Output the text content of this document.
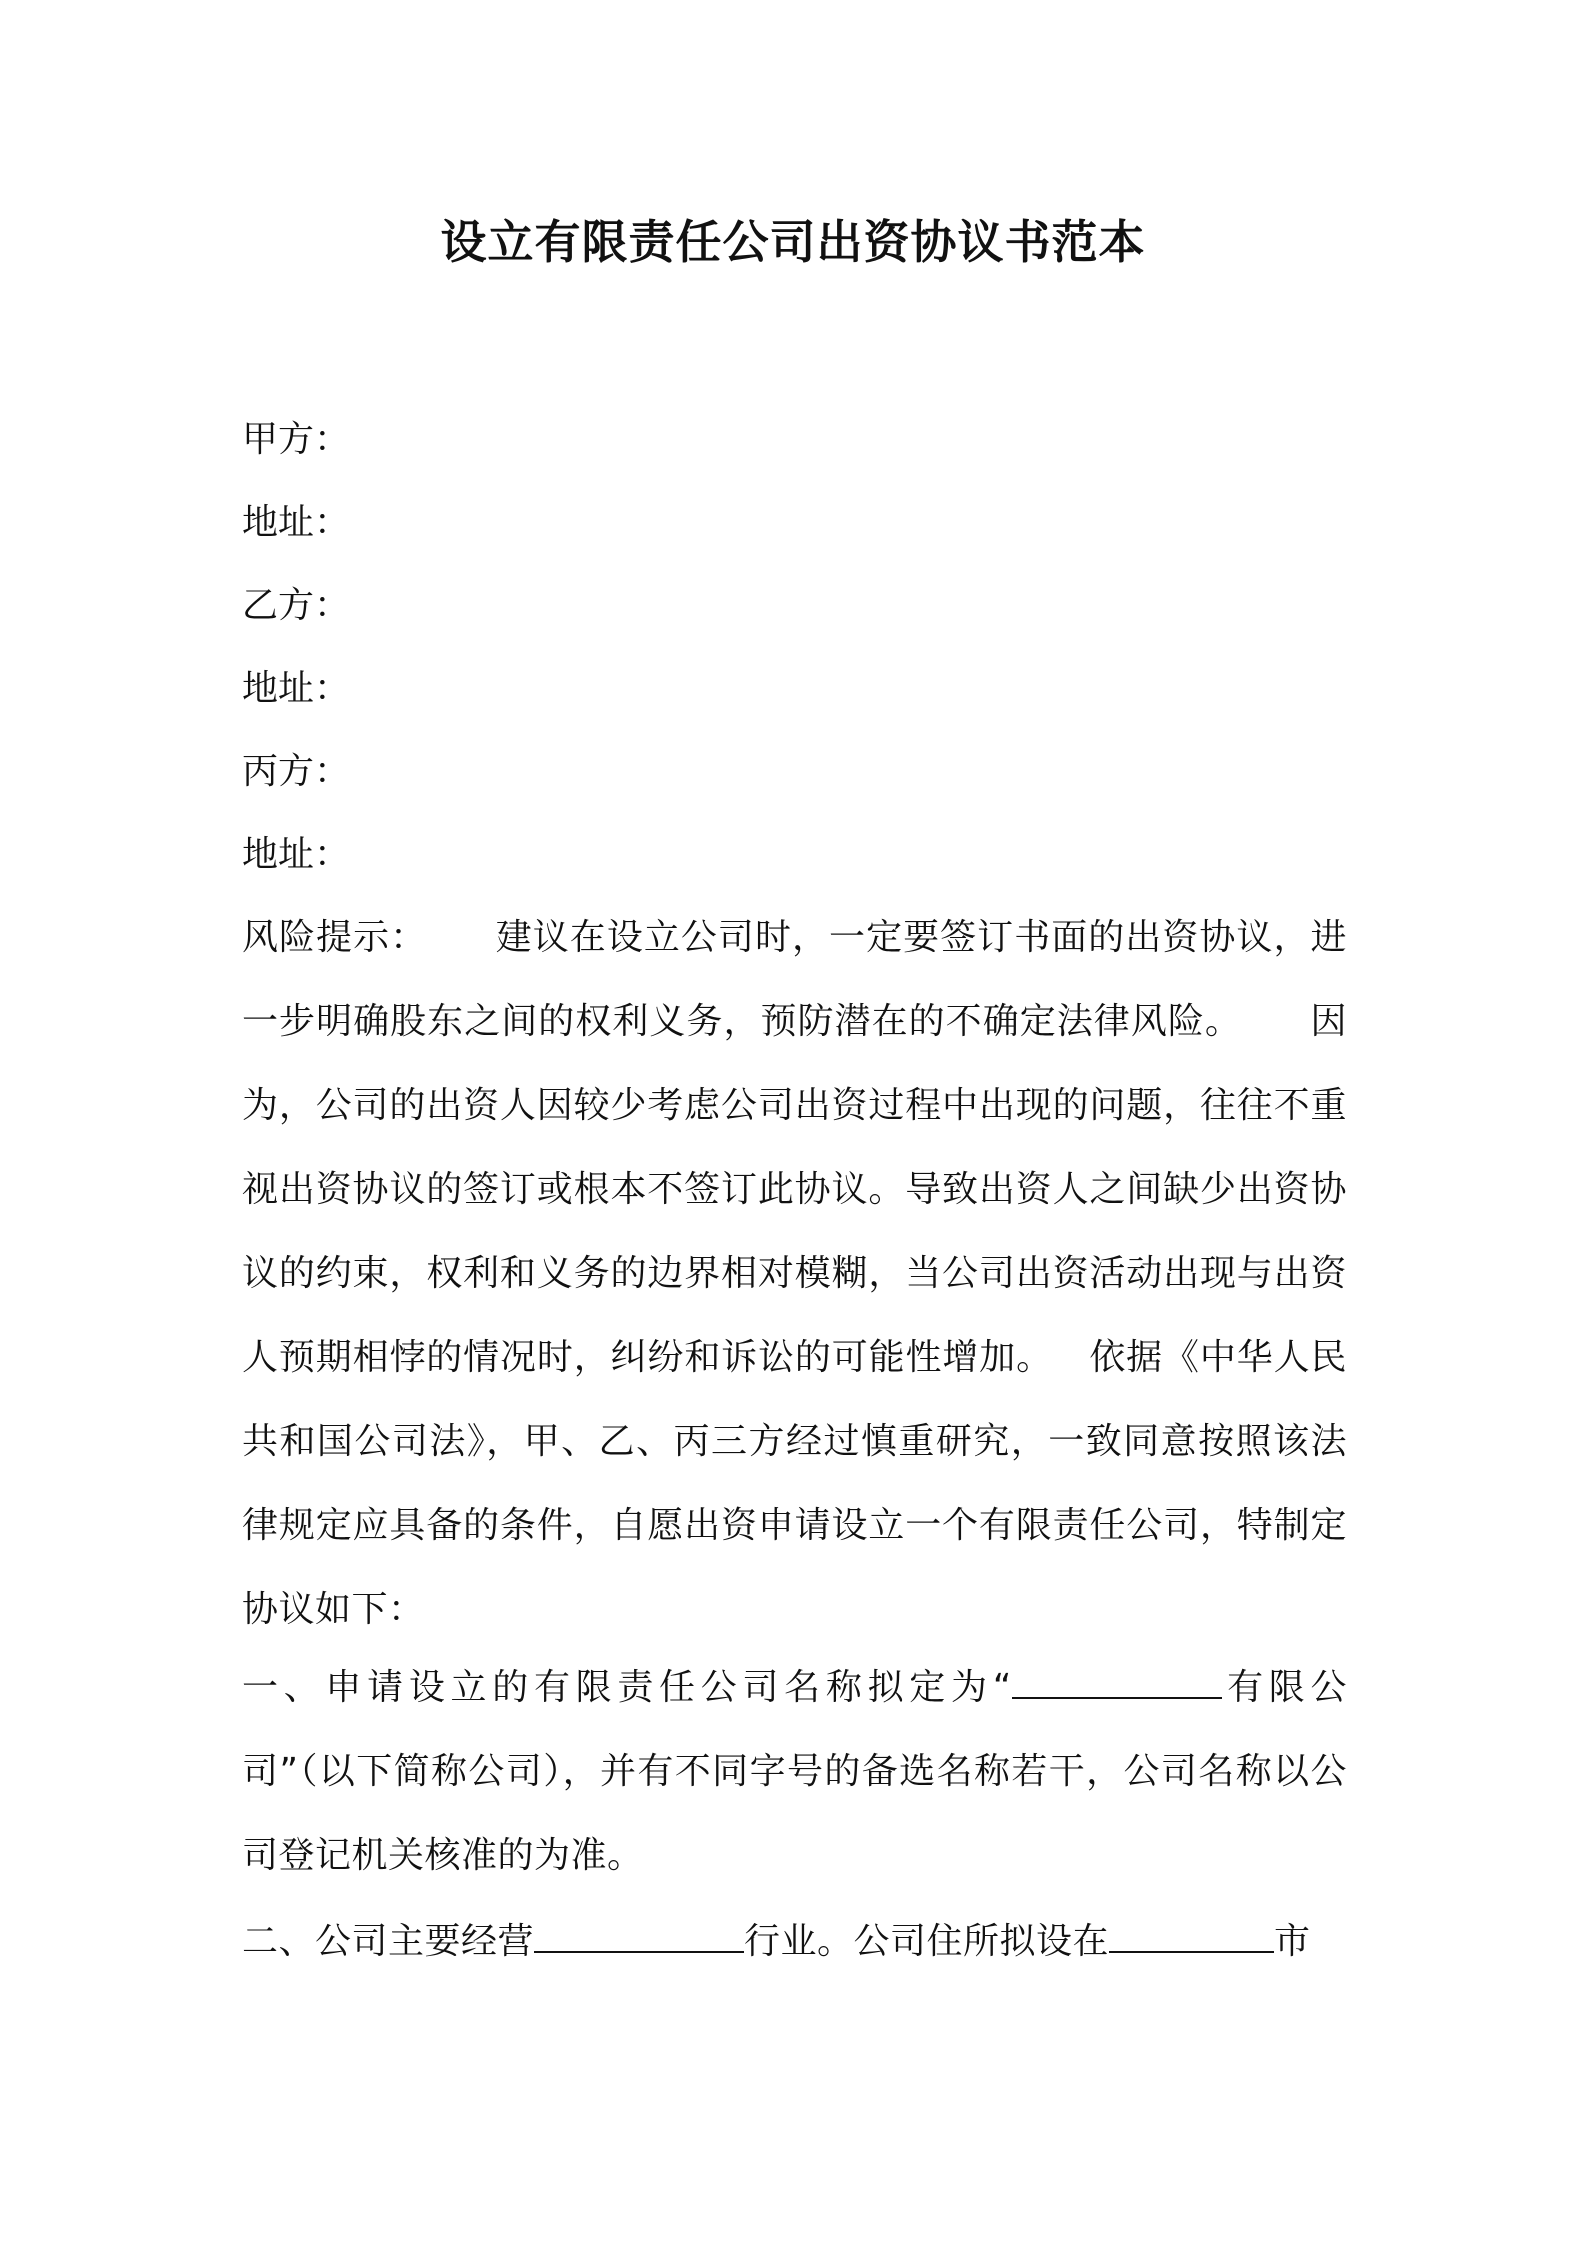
设立有限责任公司出资协议书范本
甲方：
地址：
乙方：
地址：
丙方：
地址：
风险提示： 建议在设立公司时，一定要签订书面的出资协议，进一步明确股东之间的权利义务，预防潜在的不确定法律风险。 因为，公司的出资人因较少考虑公司出资过程中出现的问题，往往不重视出资协议的签订或根本不签订此协议。导致出资人之间缺少出资协议的约束，权利和义务的边界相对模糊，当公司出资活动出现与出资人预期相悖的情况时，纠纷和诉讼的可能性增加。 依据《中华人民共和国公司法》，甲、乙、丙三方经过慎重研究，一致同意按照该法律规定应具备的条件，自愿出资申请设立一个有限责任公司，特制定协议如下：
一、申请设立的有限责任公司名称拟定为“	有限公司”（以下简称公司），并有不同字号的备选名称若干，公司名称以公司登记机关核准的为准。
二、公司主要经营	行业。公司住所拟设在	市
